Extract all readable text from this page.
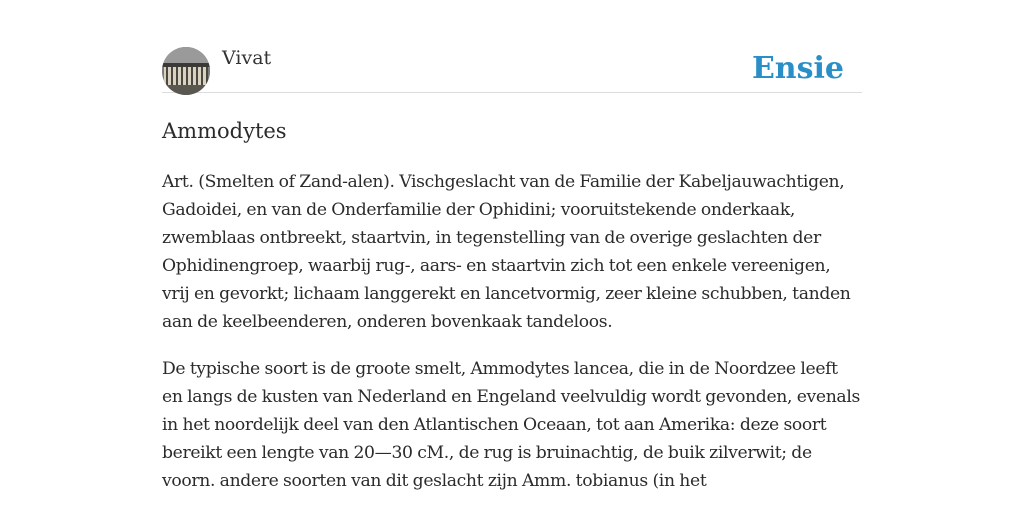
Vivat	Ensie
Ammodytes

Art. (Smelten of Zand-alen). Vischgeslacht van de Familie der Kabeljauwachtigen, Gadoidei, en van de Onderfamilie der Ophidini; vooruitstekende onderkaak, zwemblaas ontbreekt, staartvin, in tegenstelling van de overige geslachten der Ophidinengroep, waarbij rug-, aars- en staartvin zich tot een enkele vereenigen, vrij en gevorkt; lichaam langgerekt en lancetvormig, zeer kleine schubben, tanden aan de keelbeenderen, onderen bovenkaak tandeloos.

De typische soort is de groote smelt, Ammodytes lancea, die in de Noordzee leeft en langs de kusten van Nederland en Engeland veelvuldig wordt gevonden, evenals in het noordelijk deel van den Atlantischen Oceaan, tot aan Amerika: deze soort bereikt een lengte van 20—30 cM., de rug is bruinachtig, de buik zilverwit; de voorn. andere soorten van dit geslacht zijn Amm. tobianus (in het
